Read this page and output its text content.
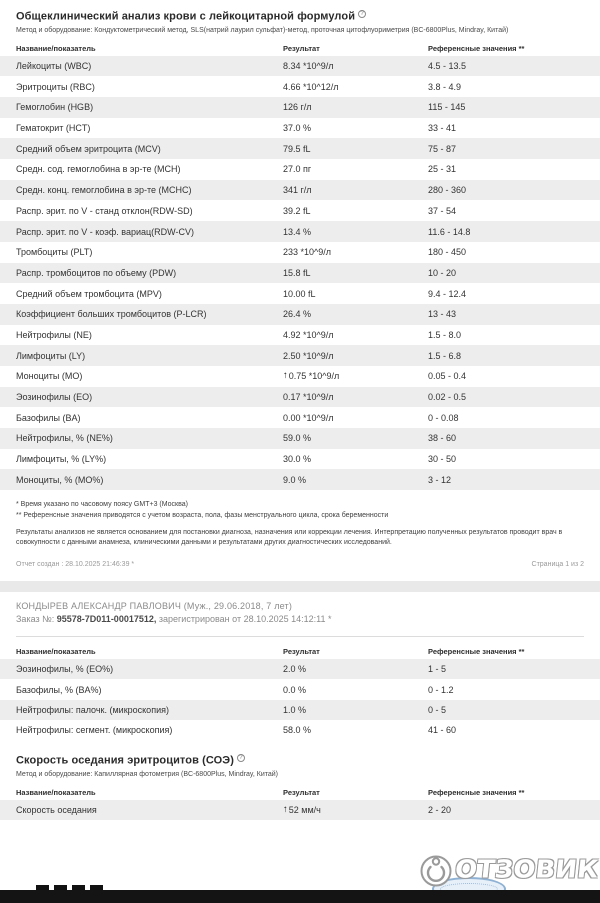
Общеклинический анализ крови с лейкоцитарной формулой ?
Метод и оборудование: Кондуктометрический метод, SLS(натрий лаурил сульфат)-метод, проточная цитофлуориметрия (BC-6800Plus, Mindray, Китай)
Название/показатель	Результат	Референсные значения **
Лейкоциты (WBC)	8.34 *10^9/л	4.5 - 13.5
Эритроциты (RBC)	4.66 *10^12/л	3.8 - 4.9
Гемоглобин (HGB)	126 г/л	115 - 145
Гематокрит (HCT)	37.0 %	33 - 41
Средний объем эритроцита (MCV)	79.5 fL	75 - 87
Средн. сод. гемоглобина в эр-те (MCH)	27.0 пг	25 - 31
Средн. конц. гемоглобина в эр-те (MCHC)	341 г/л	280 - 360
Распр. эрит. по V - станд отклон(RDW-SD)	39.2 fL	37 - 54
Распр. эрит. по V - коэф. вариац(RDW-CV)	13.4 %	11.6 - 14.8
Тромбоциты (PLT)	233 *10^9/л	180 - 450
Распр. тромбоцитов по объему (PDW)	15.8 fL	10 - 20
Средний объем тромбоцита (MPV)	10.00 fL	9.4 - 12.4
Коэффициент больших тромбоцитов (P-LCR)	26.4 %	13 - 43
Нейтрофилы (NE)	4.92 *10^9/л	1.5 - 8.0
Лимфоциты (LY)	2.50 *10^9/л	1.5 - 6.8
Моноциты (MO)	↑0.75 *10^9/л	0.05 - 0.4
Эозинофилы (EO)	0.17 *10^9/л	0.02 - 0.5
Базофилы (BA)	0.00 *10^9/л	0 - 0.08
Нейтрофилы, % (NE%)	59.0 %	38 - 60
Лимфоциты, % (LY%)	30.0 %	30 - 50
Моноциты, % (MO%)	9.0 %	3 - 12
* Время указано по часовому поясу GMT+3 (Москва)
** Референсные значения приводятся с учетом возраста, пола, фазы менструального цикла, срока беременности
Результаты анализов не является основанием для постановки диагноза, назначения или коррекции лечения. Интерпретацию полученных результатов проводит врач в совокупности с данными анамнеза, клиническими данными и результатами других диагностических исследований.
Отчет создан : 28.10.2025 21:46:39 *	Страница 1 из 2
КОНДЫРЕВ АЛЕКСАНДР ПАВЛОВИЧ (Муж., 29.06.2018, 7 лет)
Заказ №: 95578-7D011-00017512, зарегистрирован от 28.10.2025 14:12:11 *
Название/показатель	Результат	Референсные значения **
Эозинофилы, % (EO%)	2.0 %	1 - 5
Базофилы, % (BA%)	0.0 %	0 - 1.2
Нейтрофилы: палочк. (микроскопия)	1.0 %	0 - 5
Нейтрофилы: сегмент. (микроскопия)	58.0 %	41 - 60
Скорость оседания эритроцитов (СОЭ) ?
Метод и оборудование: Капиллярная фотометрия (BC-6800Plus, Mindray, Китай)
Название/показатель	Результат	Референсные значения **
Скорость оседания	↑52 мм/ч	2 - 20
ОТЗОВИК
